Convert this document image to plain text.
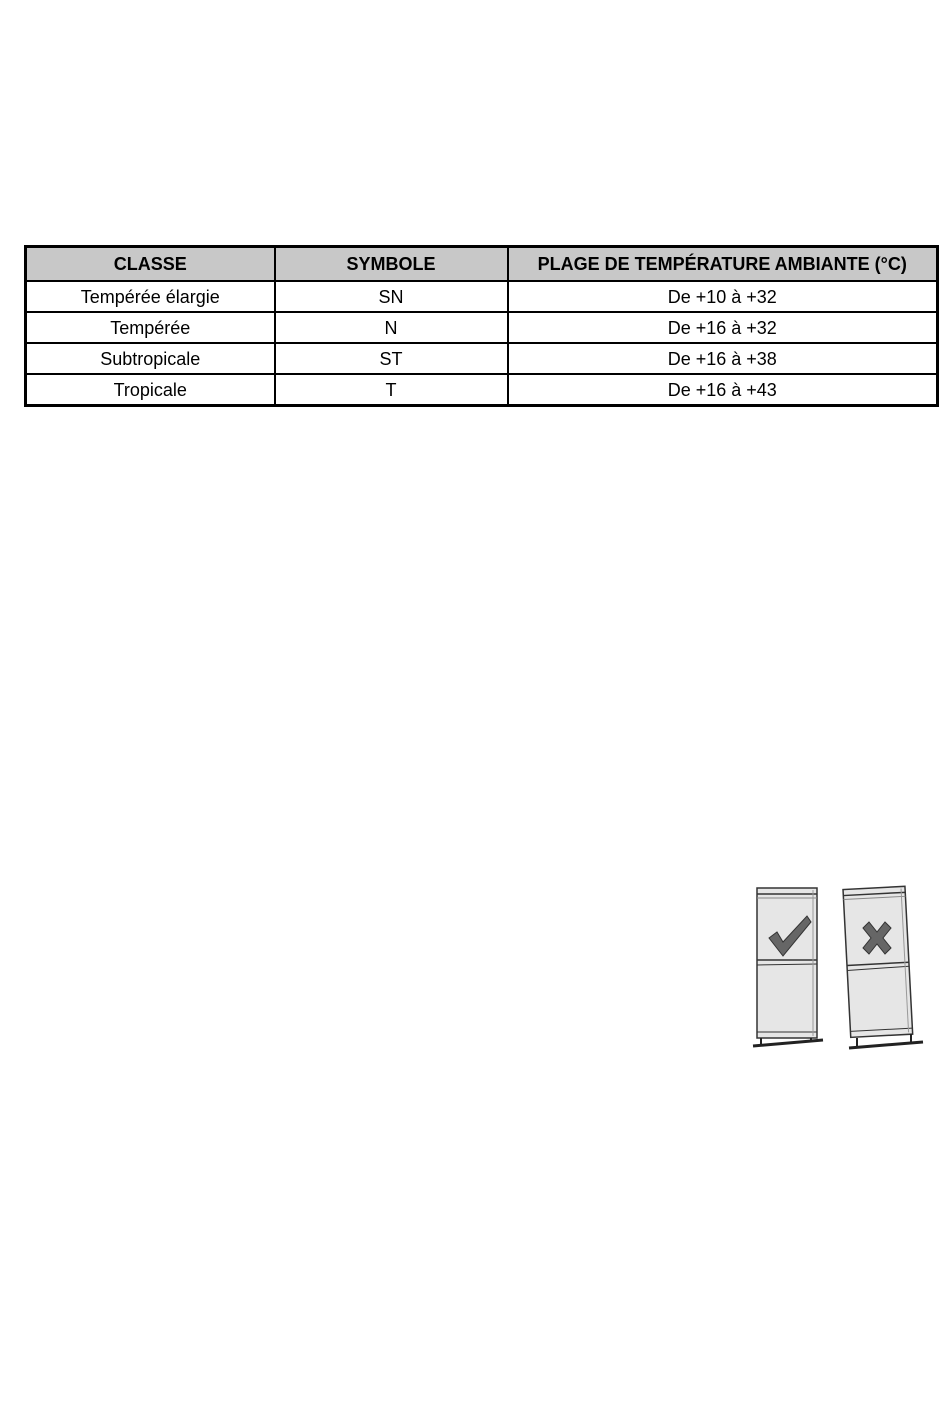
CLASSE	SYMBOLE	PLAGE DE TEMPÉRATURE AMBIANTE (°C)
Tempérée élargie	SN	De +10 à +32
Tempérée	N	De +16 à +32
Subtropicale	ST	De +16 à +38
Tropicale	T	De +16 à +43
